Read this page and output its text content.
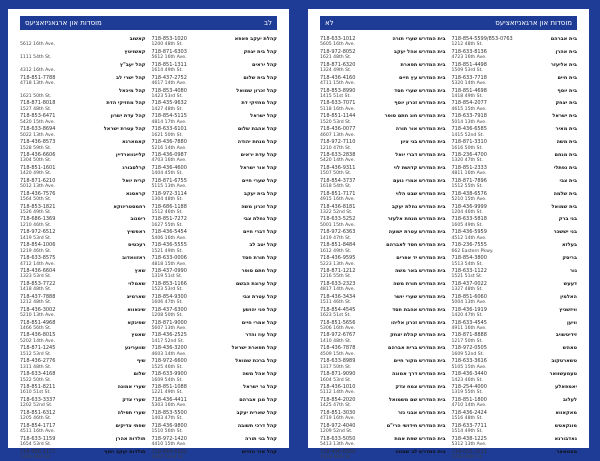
לב
מוסדות און ארגאניזאציעס
קאשוב
5612 16th Ave.
קאשויטץ
1111 54th St.
קהל יעב"ץ
4312 16th Ave.
קהל ישרי לב
718-851-7788
4718 13th Ave.
קהל מיכאל
1621 50th St.
קהל מחזיקי הדת
718-871-8018
1527 48th St.
קהל עדת ישרון
718-853-6471
5420 15th Ave.
קהל עטרת ישראל
718-633-8694
5022 13th Ave.
קאמארנא
718-436-8573
1528 59th St.
קליינווארדיין
718-436-6606
1304 50th St.
קרלסבורג
718-851-1601
1420 49th St.
קרית יואל
718-871-6210
5012 13th Ave.
קראסנא
718-436-7576
1564 50th St.
רחמסטריווקא
718-853-1821
1526 49th St.
רימנוב
718-686-1369
1210 46th St.
ראפשיץ
718-972-6512
1419 53rd St.
רעכטיס
718-854-1006
1219 46th St.
ראזוואדוב
718-633-8575
4712 14th Ave.
שאץ
718-436-6604
1323 53rd St.
שאמלוי
718-853-7722
1418 48th St.
שארמיצ
718-437-7888
1212 48th St.
שינאווא
718-436-3002
5210 13th Ave.
שפינקא
718-851-4968
1466 56th St.
שאטץ
718-436-8015
5202 14th Ave.
שווערינע
718-871-1245
1512 53rd St.
שיף
718-436-2776
1311 48th St.
שלום
718-633-4168
1522 50th St.
שערי אמונה
718-851-8211
1610 51st St.
שערי צדק
718-633-3337
1202 52nd St.
שערי תפילה
718-851-6312
1205 46th St.
שפתי צדיקים
718-854-1717
4511 16th Ave.
תולדות אהרן
718-633-1159
1654 53rd St.
תולדות יעקב יוסף
718-686-1177
1309 46th St.
קהלת יעקב פאפא
718-853-1020
1200 48th St.
קהל בית יצחק
718-871-6303
5612 16th Ave.
קהל יראים
718-851-1311
1614 49th St.
קהל בית שלום
718-437-2752
4617 14th Ave.
קהל זכרון שמואל
718-853-4080
1423 53rd St.
קהל מחזיקי דת
718-435-9632
1427 48th St.
קהל ישראל
718-854-5115
4814 17th Ave.
קהל אהבת שלום
718-633-6101
1621 50th St.
קהל מנחת יהודה
718-436-7880
5216 14th Ave.
קהל עדת יראים
718-436-0987
4703 16th Ave.
קהל אור ישראל
718-436-4600
1404 45th St.
קהל שערי חיים
718-871-6755
5115 13th Ave.
קהל בית יעקב
718-972-3114
1304 48th St.
קהל זכרון משה
718-686-1188
1512 46th St.
קהל נחלת צבי
718-851-7272
1627 55th St.
קהל דברי חיים
718-436-5454
5406 16th Ave.
קהל יטב לב
718-436-5555
1521 49th St.
קהל תורת חסד
718-633-0006
4818 15th Ave.
קהל חתם סופר
718-437-0990
1319 51st St.
קהל ערוגת הבשם
718-853-1166
1523 53rd St.
קהל עטרת צבי
718-854-9300
1606 47th St.
קהל פני יהושע
718-437-6300
1208 50th St.
קהל אמרי חיים
718-871-9000
5607 13th Ave.
קהל עוז והדר
718-436-2525
1417 52nd St.
קהל תפארת ישראל
718-436-3200
4603 14th Ave.
קהל ברכת שמואל
718-972-6600
1525 46th St.
קהל אהל משה
718-633-9900
1609 54th St.
קהל נר ישראל
718-851-1088
1221 49th St.
קהל מגן אברהם
718-436-4411
5303 16th Ave.
קהל שארית יעקב
718-853-5500
1403 47th St.
קהל דרכי תשובה
718-436-9800
1510 56th St.
קהל בני תורה
718-972-1420
4410 15th Ave.
קהל אור החיים
718-854-6262
1306 52nd St.
מוסדות און ארגאניזאציעס
לא
בית המדרש שערי תורה
718-633-1012
5605 16th Ave.
בית המדרש אהל יעקב
718-972-8052
1621 48th St.
בית המדרש תפארת
718-871-6320
1324 49th St.
בית המדרש עץ חיים
718-436-4160
4711 15th Ave.
בית המדרש שערי חסד
718-853-8990
1415 51st St.
בית המדרש זכרון יוסף
718-633-7071
5118 16th Ave.
בית המדרש חוג חתם סופר
718-851-1144
1520 53rd St.
בית המדרש אור תורה
718-436-0077
4607 13th Ave.
בית המדרש בני ציון
718-972-7110
1210 47th St.
בית המדרש דברי יואל
718-633-2838
5420 14th Ave.
בית המדרש קדושת לוי
718-436-9311
1507 50th St.
בית המדרש אמרי נועם
718-854-3737
1618 54th St.
בית המדרש שבט הלוי
718-851-7171
4915 16th Ave.
בית המדרש נחלת יעקב
718-436-8181
1322 52nd St.
בית המדרש מנחת אלעזר
718-633-5252
5001 15th Ave.
בית המדרש עטרת ישועה
718-972-6363
1419 47th St.
בית המדרש חסד לאברהם
718-851-8484
1612 49th St.
בית המדרש יד אפרים
718-436-9595
5223 13th Ave.
בית המדרש באר משה
718-871-1212
1216 55th St.
בית המדרש תורת משה
718-633-2323
4817 14th Ave.
בית המדרש שערי יושר
718-436-3434
1511 46th St.
בית המדרש אהבת חסד
718-854-4545
1623 51st St.
בית המדרש זכרון אליהו
718-851-5656
5306 16th Ave.
בית המדרש קהלת יצחק
718-972-6767
1410 48th St.
בית המדרש ברית אברהם
718-436-7878
4509 15th Ave.
בית המדרש מקור חיים
718-633-8989
1317 50th St.
בית המדרש דרך אמונה
718-871-9090
1604 53rd St.
בית המדרש צמח צדק
718-436-1010
5112 14th Ave.
בית המדרש שם משמואל
718-854-2020
1425 47th St.
בית המדרש אבני נזר
718-851-3030
4719 16th Ave.
בית המדרש חידושי הרי"ם
718-972-4040
1209 52nd St.
בית המדרש שפת אמת
718-633-5050
5413 13th Ave.
בית המדרש לב שמחה
718-436-6060
1518 49th St.
בית אברהם
718-854-5599/853-0763
1212 48th St.
בית אהרן
718-633-8136
4723 16th Ave.
בית אליעזר
718-851-4498
1509 53rd St.
בית חיים
718-633-7718
5320 14th Ave.
בית יוסף
718-851-4698
1418 49th St.
בית יצחק
718-854-2077
4615 15th Ave.
בית ישראל
718-633-7918
5014 13th Ave.
בית מאיר
718-436-6585
1415 52nd St.
בית משה
718-871-3310
1616 50th St.
בית מנחם
718-236-4700
1320 47th St.
בית נפתלי
718-851-2333
4811 16th Ave.
בית צבי
718-871-7896
1512 55th St.
בית שלמה
718-438-6576
5210 15th Ave.
בית שמואל
718-436-9999
1204 46th St.
בני ברק
718-633-5818
1605 49th St.
בני יששכר
718-436-5959
4512 14th Ave.
בעלזא
718-236-7555
662 Eastern Pkwy.
בריסק
718-854-3800
1513 54th St.
גור
718-633-1122
1521 51st St.
דעעש
718-437-0022
1327 48th St.
האלמין
718-851-6060
5004 13th Ave.
וויזשניץ
718-436-1919
1420 47th St.
וויען
718-633-4545
4911 16th Ave.
זידיטשויב
718-871-8888
1217 50th St.
טאהש
718-972-0505
1609 52nd St.
טשארטקוב
718-633-3616
5105 15th Ave.
טעמעשוואר
718-436-3440
1423 46th St.
יאמפאלע
718-254-4000
1319 55th St.
לעלוב
718-851-1800
4710 14th Ave.
מאקאווא
718-436-2424
1516 48th St.
מונקאטש
718-633-7711
1514 49th St.
נאדבורנא
718-438-1225
5312 13th Ave.
סאטמאר
718-633-2521
1228 46th St.
